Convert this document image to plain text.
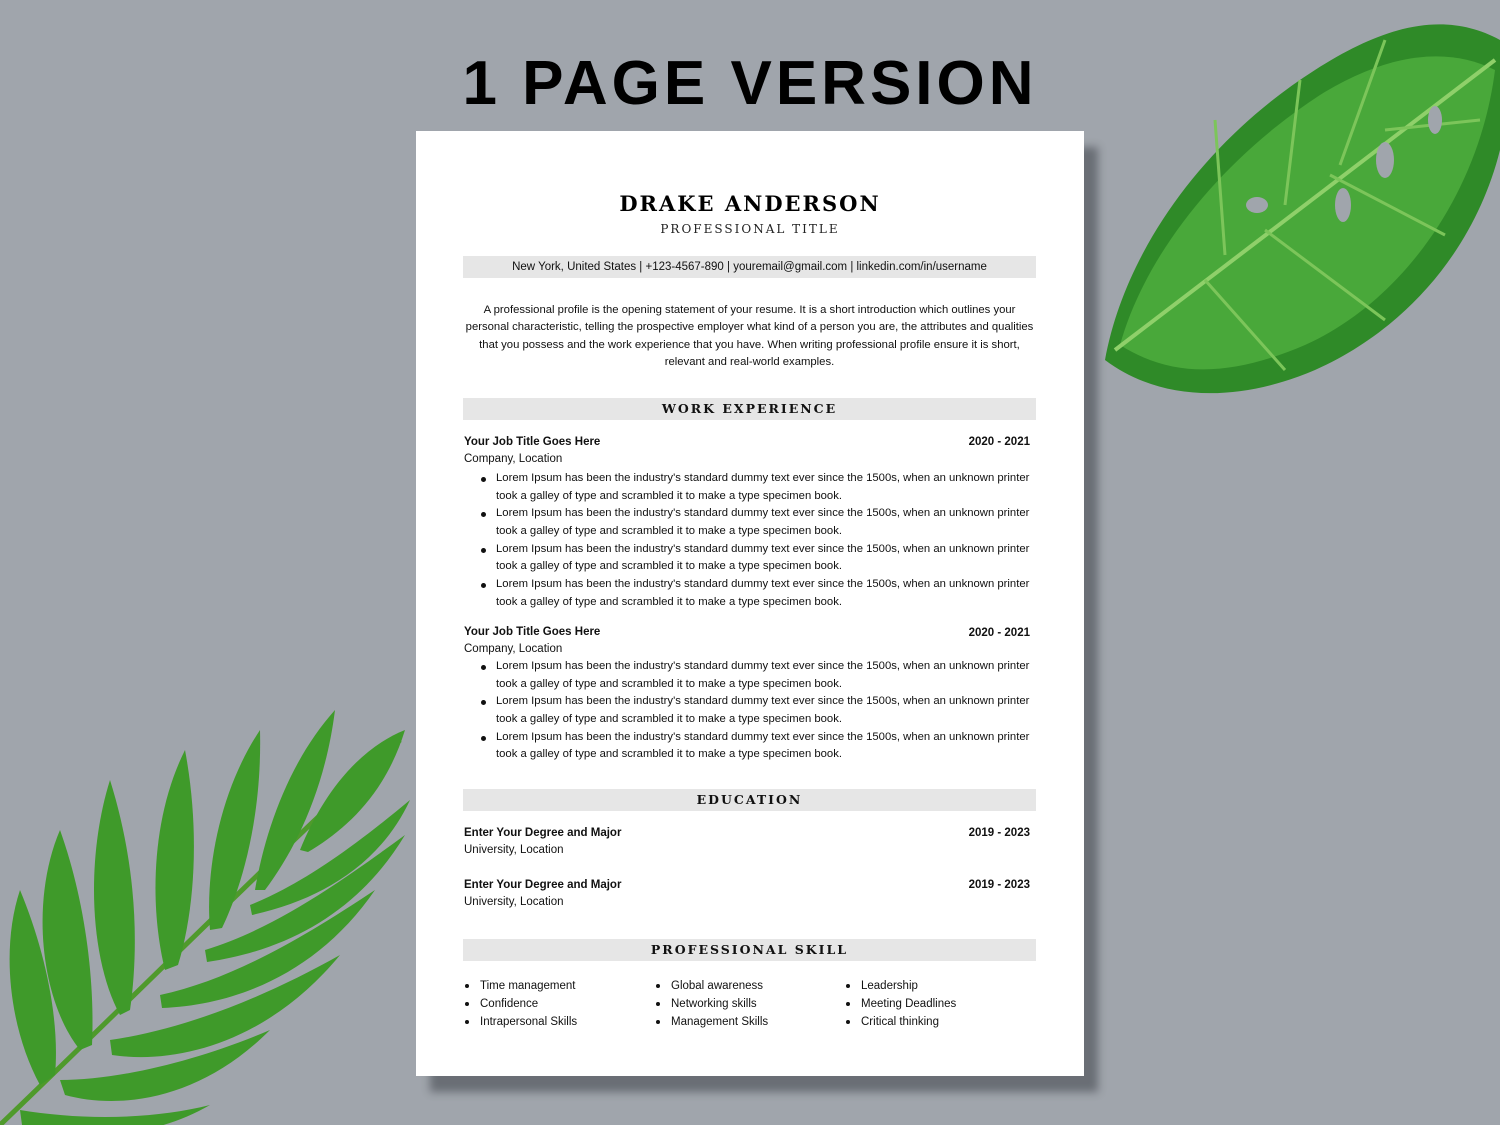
1 PAGE VERSION
DRAKE ANDERSON
PROFESSIONAL TITLE
New York, United States | +123-4567-890 | youremail@gmail.com | linkedin.com/in/username
A professional profile is the opening statement of your resume. It is a short introduction which outlines your personal characteristic, telling the prospective employer what kind of a person you are, the attributes and qualities that you possess and the work experience that you have. When writing professional profile ensure it is short, relevant and real-world examples.
WORK EXPERIENCE
Your Job Title Goes Here	2020 - 2021
Company, Location
Lorem Ipsum has been the industry's standard dummy text ever since the 1500s, when an unknown printer took a galley of type and scrambled it to make a type specimen book.
Lorem Ipsum has been the industry's standard dummy text ever since the 1500s, when an unknown printer took a galley of type and scrambled it to make a type specimen book.
Lorem Ipsum has been the industry's standard dummy text ever since the 1500s, when an unknown printer took a galley of type and scrambled it to make a type specimen book.
Lorem Ipsum has been the industry's standard dummy text ever since the 1500s, when an unknown printer took a galley of type and scrambled it to make a type specimen book.
Your Job Title Goes Here	2020 - 2021
Company, Location
Lorem Ipsum has been the industry's standard dummy text ever since the 1500s, when an unknown printer took a galley of type and scrambled it to make a type specimen book.
Lorem Ipsum has been the industry's standard dummy text ever since the 1500s, when an unknown printer took a galley of type and scrambled it to make a type specimen book.
Lorem Ipsum has been the industry's standard dummy text ever since the 1500s, when an unknown printer took a galley of type and scrambled it to make a type specimen book.
EDUCATION
Enter Your Degree and Major	2019 - 2023
University, Location
Enter Your Degree and Major	2019 - 2023
University, Location
PROFESSIONAL SKILL
Time management
Confidence
Intrapersonal Skills
Global awareness
Networking skills
Management Skills
Leadership
Meeting Deadlines
Critical thinking
